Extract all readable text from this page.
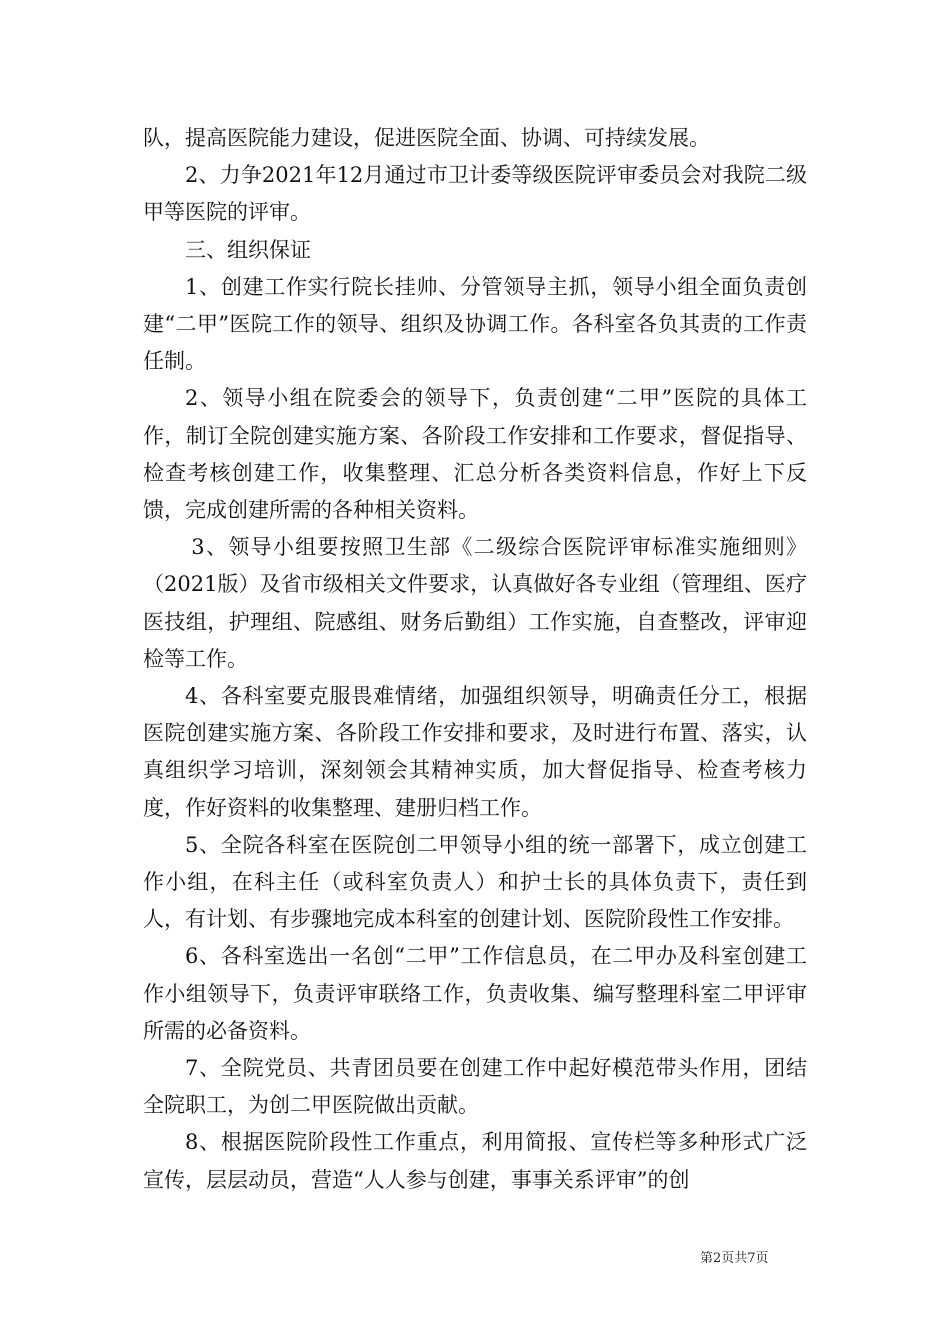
队，提高医院能力建设，促进医院全面、协调、可持续发展。

2、力争2021年12月通过市卫计委等级医院评审委员会对我院二级甲等医院的评审。

三、组织保证

1、创建工作实行院长挂帅、分管领导主抓，领导小组全面负责创建“二甲”医院工作的领导、组织及协调工作。各科室各负其责的工作责任制。

2、领导小组在院委会的领导下，负责创建“二甲”医院的具体工作，制订全院创建实施方案、各阶段工作安排和工作要求，督促指导、检查考核创建工作，收集整理、汇总分析各类资料信息，作好上下反馈，完成创建所需的各种相关资料。

3、领导小组要按照卫生部《二级综合医院评审标准实施细则》（2021版）及省市级相关文件要求，认真做好各专业组（管理组、医疗医技组，护理组、院感组、财务后勤组）工作实施，自查整改，评审迎检等工作。

4、各科室要克服畏难情绪，加强组织领导，明确责任分工，根据医院创建实施方案、各阶段工作安排和要求，及时进行布置、落实，认真组织学习培训，深刻领会其精神实质，加大督促指导、检查考核力度，作好资料的收集整理、建册归档工作。

5、全院各科室在医院创二甲领导小组的统一部署下，成立创建工作小组，在科主任（或科室负责人）和护士长的具体负责下，责任到人，有计划、有步骤地完成本科室的创建计划、医院阶段性工作安排。

6、各科室选出一名创“二甲”工作信息员，在二甲办及科室创建工作小组领导下，负责评审联络工作，负责收集、编写整理科室二甲评审所需的必备资料。

7、全院党员、共青团员要在创建工作中起好模范带头作用，团结全院职工，为创二甲医院做出贡献。

8、根据医院阶段性工作重点，利用简报、宣传栏等多种形式广泛宣传，层层动员，营造“人人参与创建，事事关系评审”的创

第2页共7页
